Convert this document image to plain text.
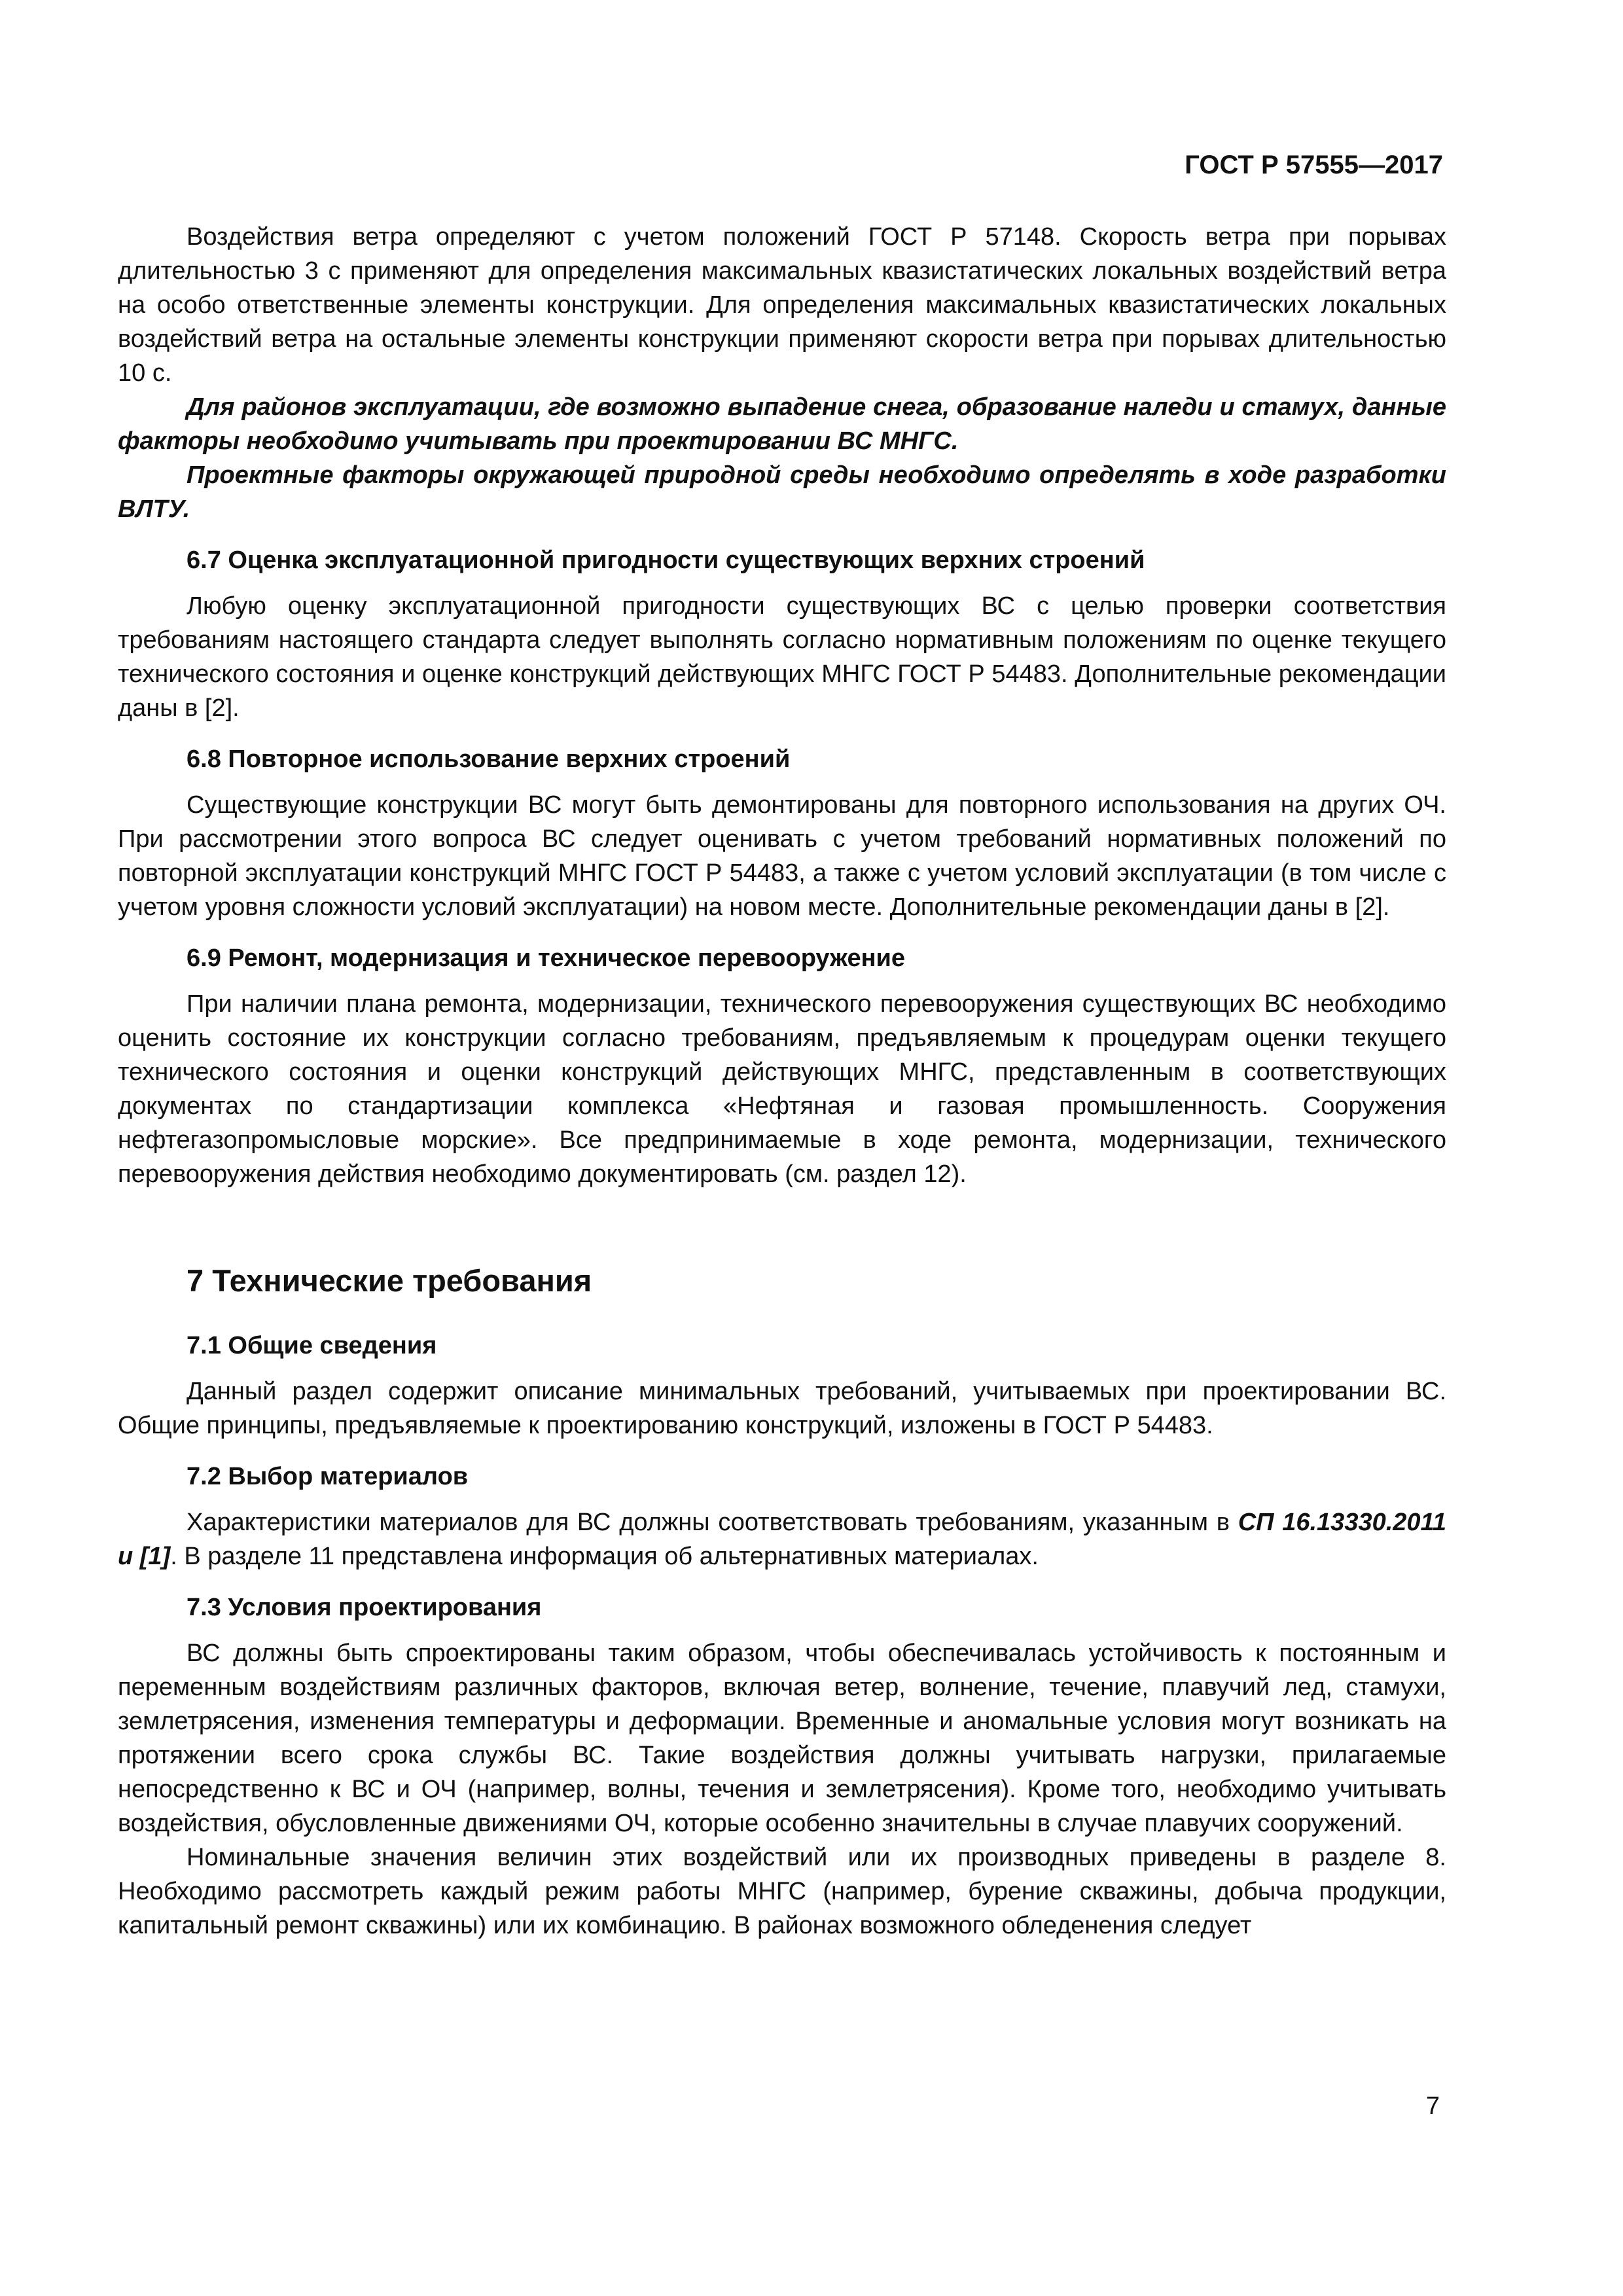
ГОСТ Р 57555—2017

Воздействия ветра определяют с учетом положений ГОСТ Р 57148. Скорость ветра при порывах длительностью 3 с применяют для определения максимальных квазистатических локальных воздействий ветра на особо ответственные элементы конструкции. Для определения максимальных квазистатических локальных воздействий ветра на остальные элементы конструкции применяют скорости ветра при порывах длительностью 10 с.

Для районов эксплуатации, где возможно выпадение снега, образование наледи и стамух, данные факторы необходимо учитывать при проектировании ВС МНГС.

Проектные факторы окружающей природной среды необходимо определять в ходе разработки ВЛТУ.

6.7 Оценка эксплуатационной пригодности существующих верхних строений

Любую оценку эксплуатационной пригодности существующих ВС с целью проверки соответствия требованиям настоящего стандарта следует выполнять согласно нормативным положениям по оценке текущего технического состояния и оценке конструкций действующих МНГС ГОСТ Р 54483. Дополнительные рекомендации даны в [2].

6.8 Повторное использование верхних строений

Существующие конструкции ВС могут быть демонтированы для повторного использования на других ОЧ. При рассмотрении этого вопроса ВС следует оценивать с учетом требований нормативных положений по повторной эксплуатации конструкций МНГС ГОСТ Р 54483, а также с учетом условий эксплуатации (в том числе с учетом уровня сложности условий эксплуатации) на новом месте. Дополнительные рекомендации даны в [2].

6.9 Ремонт, модернизация и техническое перевооружение

При наличии плана ремонта, модернизации, технического перевооружения существующих ВС необходимо оценить состояние их конструкции согласно требованиям, предъявляемым к процедурам оценки текущего технического состояния и оценки конструкций действующих МНГС, представленным в соответствующих документах по стандартизации комплекса «Нефтяная и газовая промышленность. Сооружения нефтегазопромысловые морские». Все предпринимаемые в ходе ремонта, модернизации, технического перевооружения действия необходимо документировать (см. раздел 12).

7 Технические требования
7.1 Общие сведения

Данный раздел содержит описание минимальных требований, учитываемых при проектировании ВС. Общие принципы, предъявляемые к проектированию конструкций, изложены в ГОСТ Р 54483.

7.2 Выбор материалов

Характеристики материалов для ВС должны соответствовать требованиям, указанным в СП 16.13330.2011 и [1]. В разделе 11 представлена информация об альтернативных материалах.

7.3 Условия проектирования

ВС должны быть спроектированы таким образом, чтобы обеспечивалась устойчивость к постоянным и переменным воздействиям различных факторов, включая ветер, волнение, течение, плавучий лед, стамухи, землетрясения, изменения температуры и деформации. Временные и аномальные условия могут возникать на протяжении всего срока службы ВС. Такие воздействия должны учитывать нагрузки, прилагаемые непосредственно к ВС и ОЧ (например, волны, течения и землетрясения). Кроме того, необходимо учитывать воздействия, обусловленные движениями ОЧ, которые особенно значительны в случае плавучих сооружений.

Номинальные значения величин этих воздействий или их производных приведены в разделе 8. Необходимо рассмотреть каждый режим работы МНГС (например, бурение скважины, добыча продукции, капитальный ремонт скважины) или их комбинацию. В районах возможного обледенения следует

7
